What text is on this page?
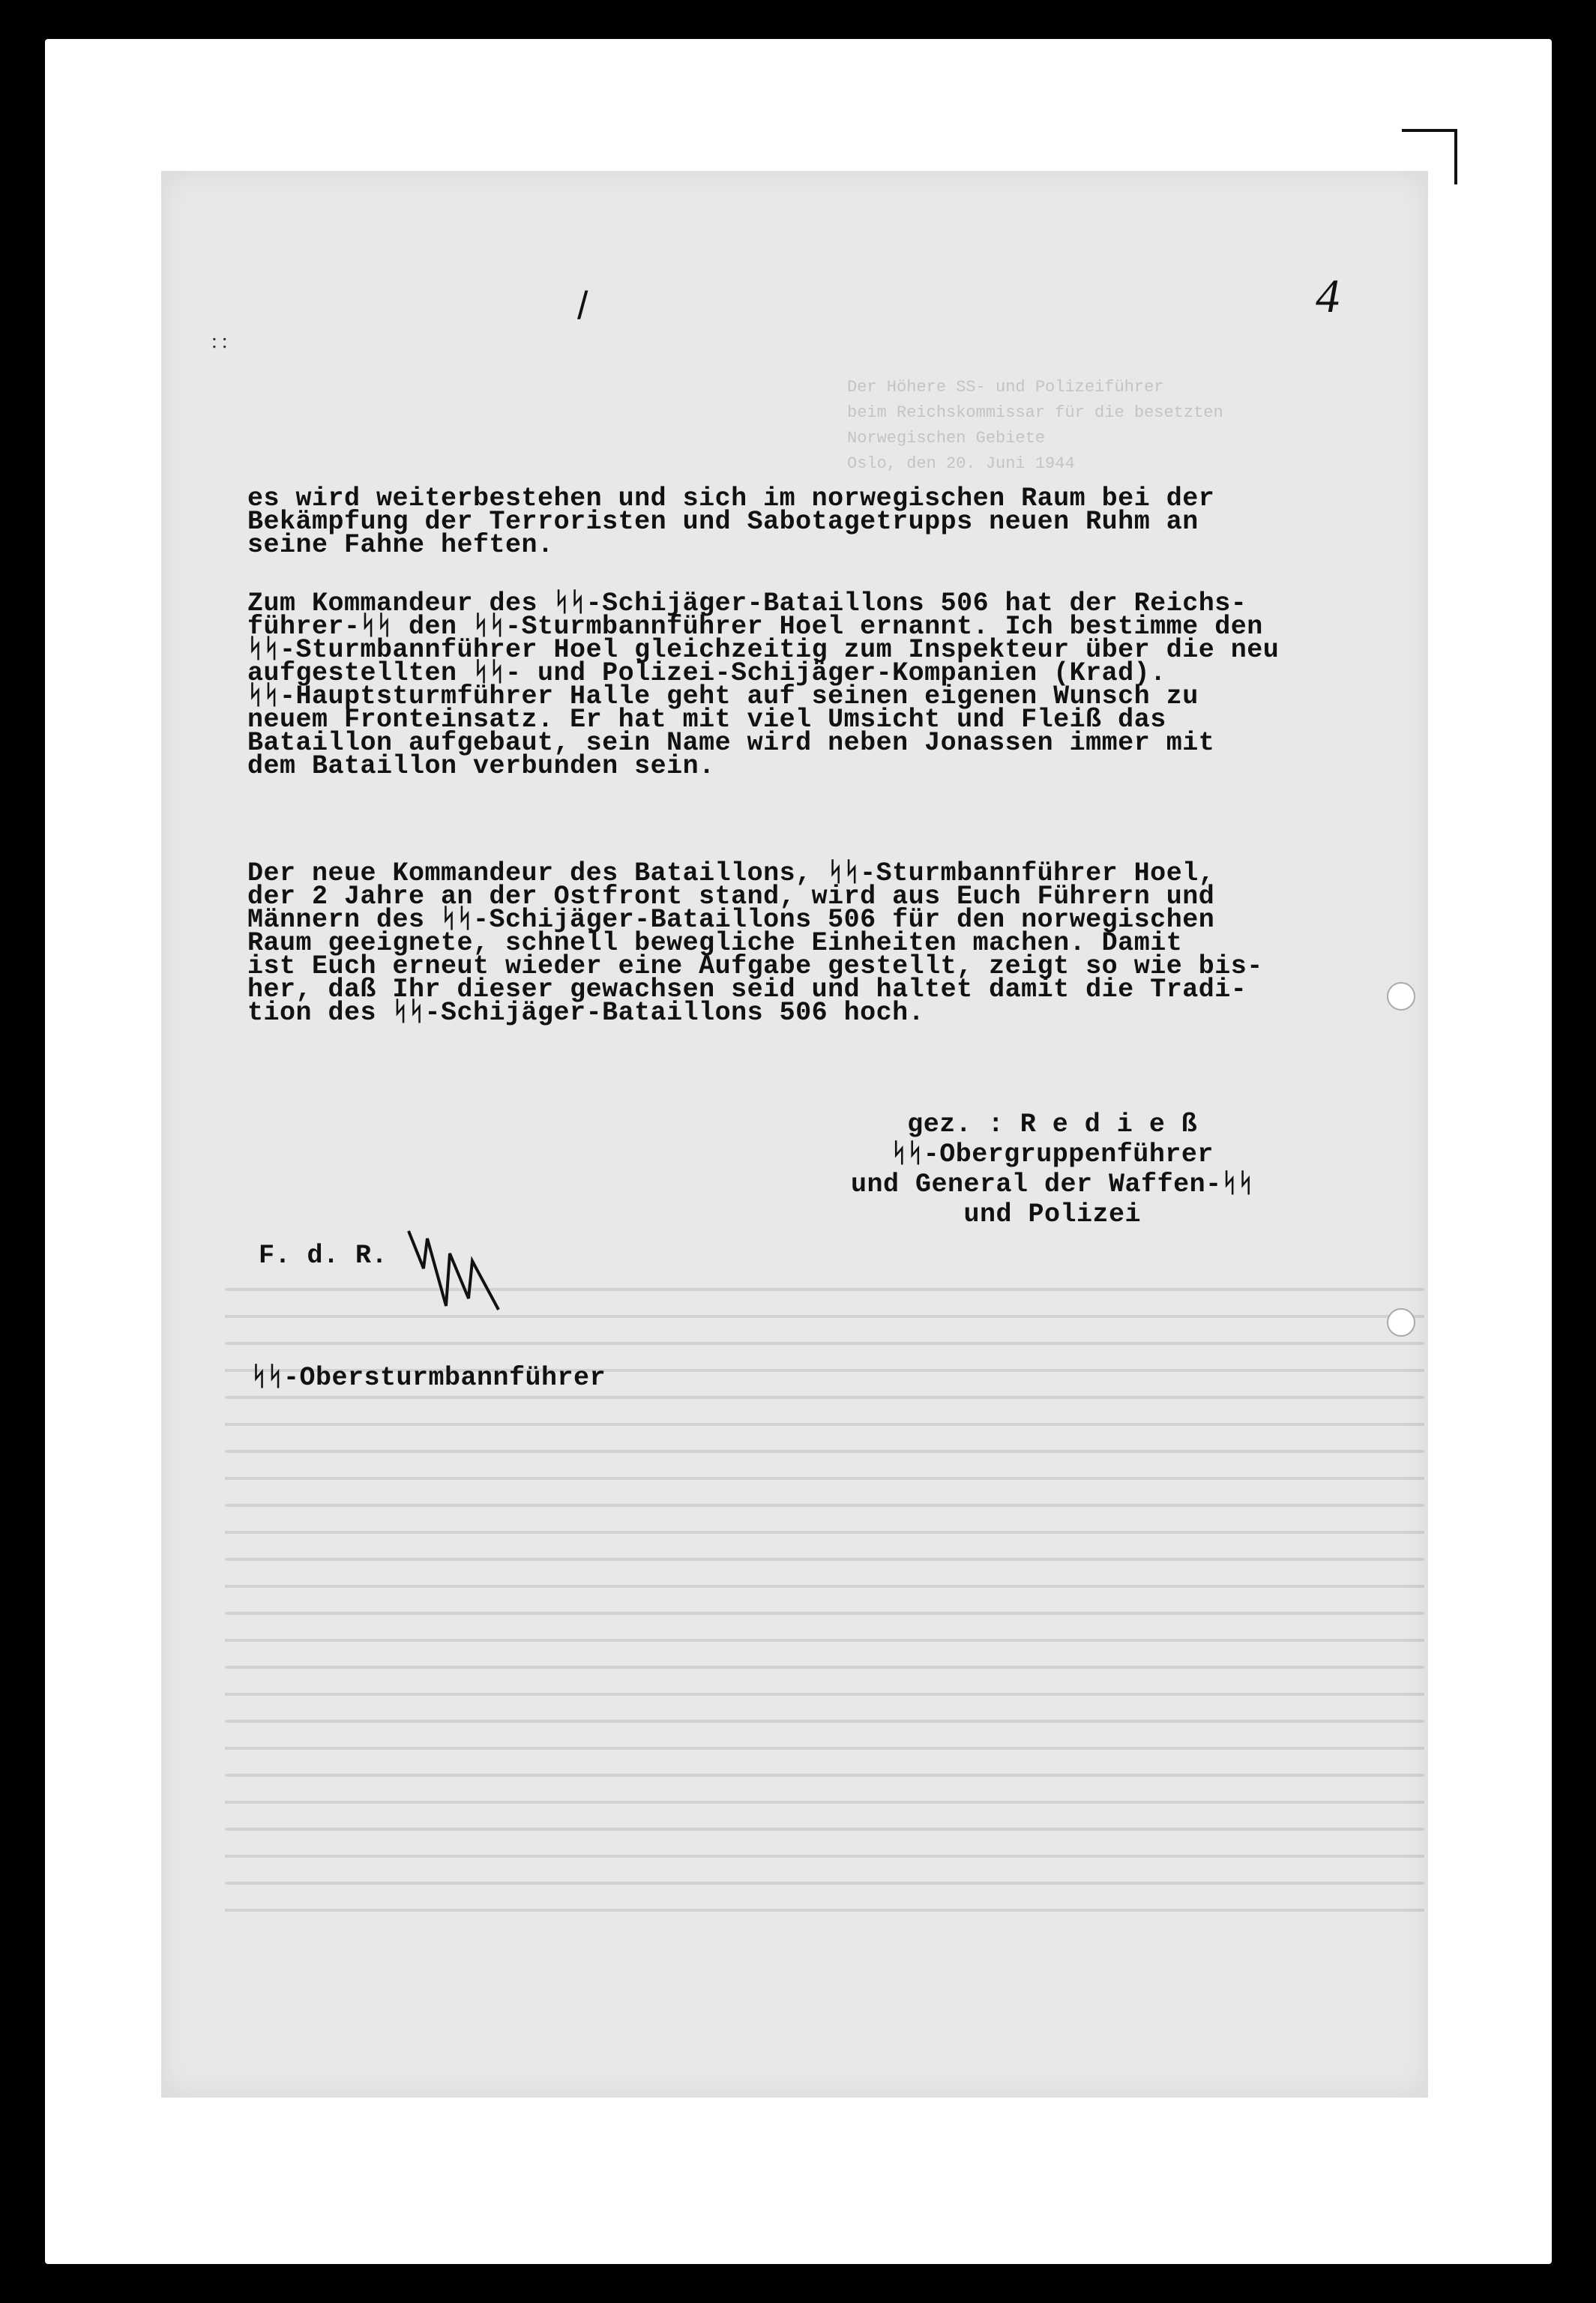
Der Höhere SS- und Polizeiführer
beim Reichskommissar für die besetzten
Norwegischen Gebiete
Oslo, den 20. Juni 1944
::
/	4
es wird weiterbestehen und sich im norwegischen Raum bei der
Bekämpfung der Terroristen und Sabotagetrupps neuen Ruhm an
seine Fahne heften.
Zum Kommandeur des ᛋᛋ-Schijäger-Bataillons 506 hat der Reichs-
führer-ᛋᛋ den ᛋᛋ-Sturmbannführer Hoel ernannt. Ich bestimme den
ᛋᛋ-Sturmbannführer Hoel gleichzeitig zum Inspekteur über die neu
aufgestellten ᛋᛋ- und Polizei-Schijäger-Kompanien (Krad).
ᛋᛋ-Hauptsturmführer Halle geht auf seinen eigenen Wunsch zu
neuem Fronteinsatz. Er hat mit viel Umsicht und Fleiß das
Bataillon aufgebaut, sein Name wird neben Jonassen immer mit
dem Bataillon verbunden sein.
Der neue Kommandeur des Bataillons, ᛋᛋ-Sturmbannführer Hoel,
der 2 Jahre an der Ostfront stand, wird aus Euch Führern und
Männern des ᛋᛋ-Schijäger-Bataillons 506 für den norwegischen
Raum geeignete, schnell bewegliche Einheiten machen. Damit
ist Euch erneut wieder eine Aufgabe gestellt, zeigt so wie bis-
her, daß Ihr dieser gewachsen seid und haltet damit die Tradi-
tion des ᛋᛋ-Schijäger-Bataillons 506 hoch.
gez. : R e d i e ß
ᛋᛋ-Obergruppenführer
und General der Waffen-ᛋᛋ
und Polizei
F. d. R.
ᛋᛋ-Obersturmbannführer
